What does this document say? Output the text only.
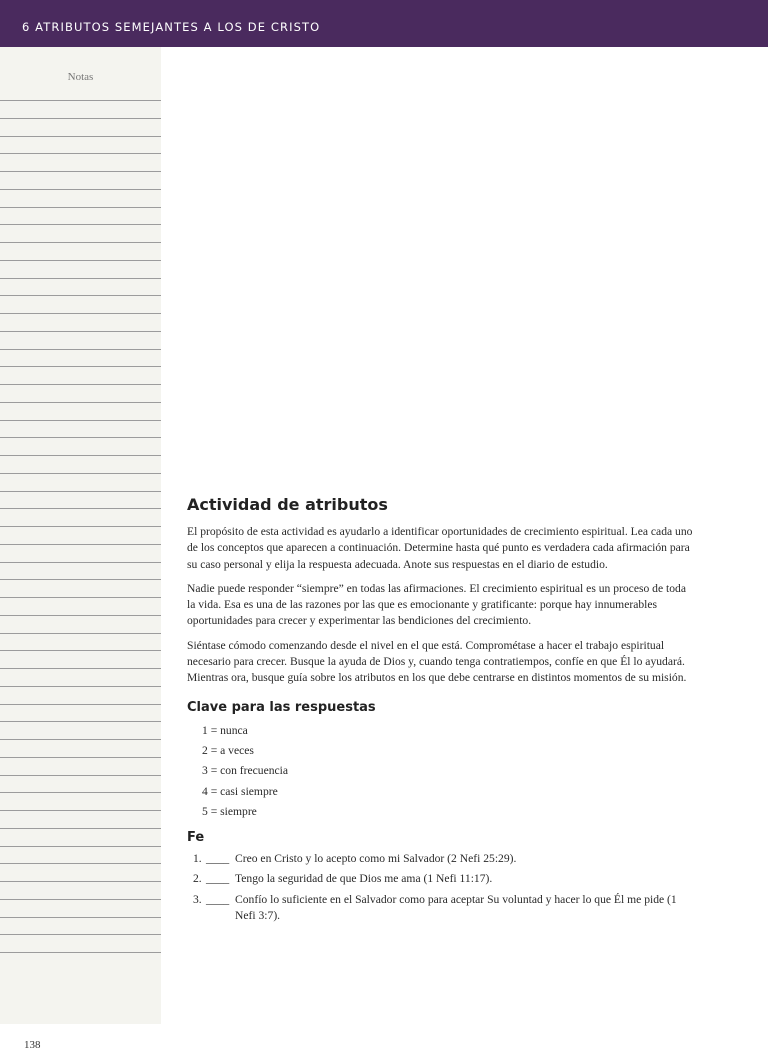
6 ATRIBUTOS SEMEJANTES A LOS DE CRISTO
Notas
138
Actividad de atributos

El propósito de esta actividad es ayudarlo a identificar oportunidades de crecimiento espiritual. Lea cada uno de los conceptos que aparecen a continuación. Determine hasta qué punto es verdadera cada afirmación para su caso personal y elija la respuesta adecuada. Anote sus respuestas en el diario de estudio.

Nadie puede responder “siempre” en todas las afirmaciones. El crecimiento espiritual es un proceso de toda la vida. Esa es una de las razones por las que es emocionante y gratificante: porque hay innumerables oportunidades para crecer y experimentar las bendiciones del crecimiento.

Siéntase cómodo comenzando desde el nivel en el que está. Comprométase a hacer el trabajo espiritual necesario para crecer. Busque la ayuda de Dios y, cuando tenga contratiempos, confíe en que Él lo ayudará. Mientras ora, busque guía sobre los atributos en los que debe centrarse en distintos momentos de su misión.

Clave para las respuestas
1 = nunca
2 = a veces
3 = con frecuencia
4 = casi siempre
5 = siempre
Fe
1. ____ Creo en Cristo y lo acepto como mi Salvador (2 Nefi 25:29).
2. ____ Tengo la seguridad de que Dios me ama (1 Nefi 11:17).
3. ____ Confío lo suficiente en el Salvador como para aceptar Su voluntad y hacer lo que Él me pide (1 Nefi 3:7).
